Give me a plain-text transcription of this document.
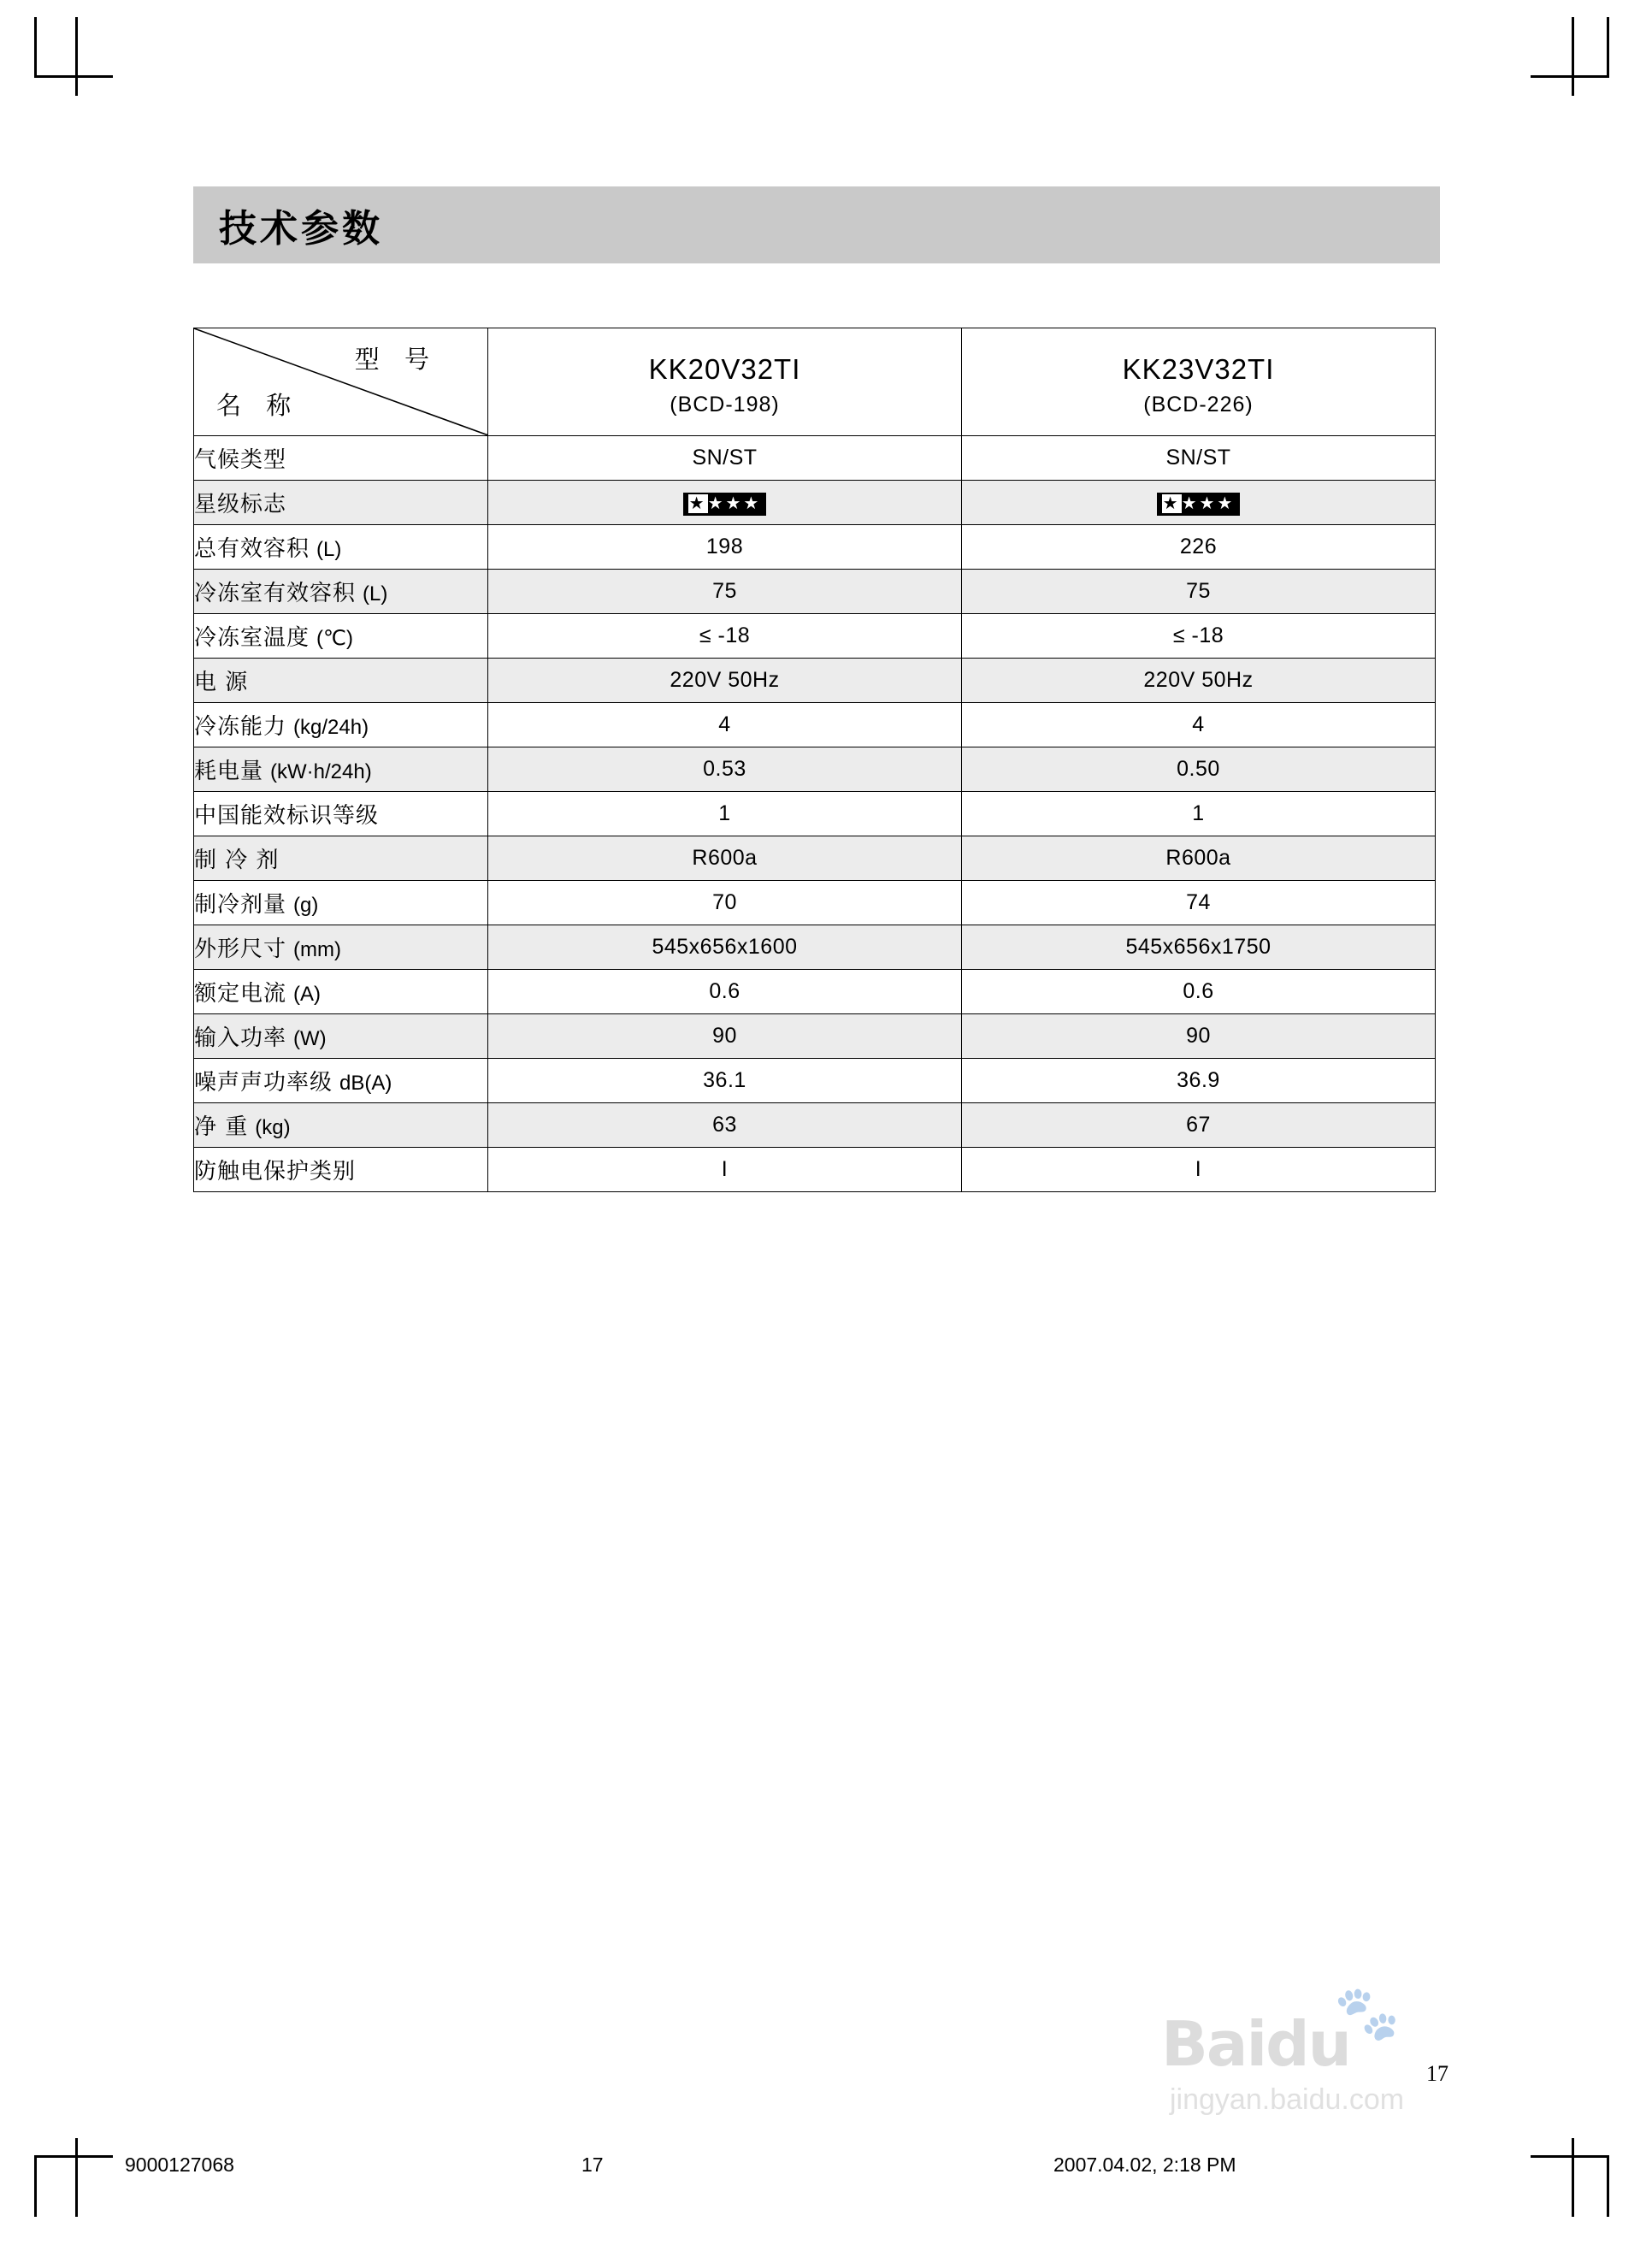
技术参数
型 号
名 称

KK20V32TI
(BCD-198)

KK23V32TI
(BCD-226)

气候类型	SN/ST	SN/ST
星级标志	★★★★	★★★★
总有效容积 (L)	198	226
冷冻室有效容积 (L)	75	75
冷冻室温度 (℃)	≤ -18	≤ -18
电 源	220V 50Hz	220V 50Hz
冷冻能力 (kg/24h)	4	4
耗电量 (kW·h/24h)	0.53	0.50
中国能效标识等级	1	1
制 冷 剂	R600a	R600a
制冷剂量 (g)	70	74
外形尺寸 (mm)	545x656x1600	545x656x1750
额定电流 (A)	0.6	0.6
输入功率 (W)	90	90
噪声声功率级 dB(A)	36.1	36.9
净 重 (kg)	63	67
防触电保护类别	I	I
17
🐾
Baidu
jingyan.baidu.com
9000127068	17	2007.04.02, 2:18 PM
